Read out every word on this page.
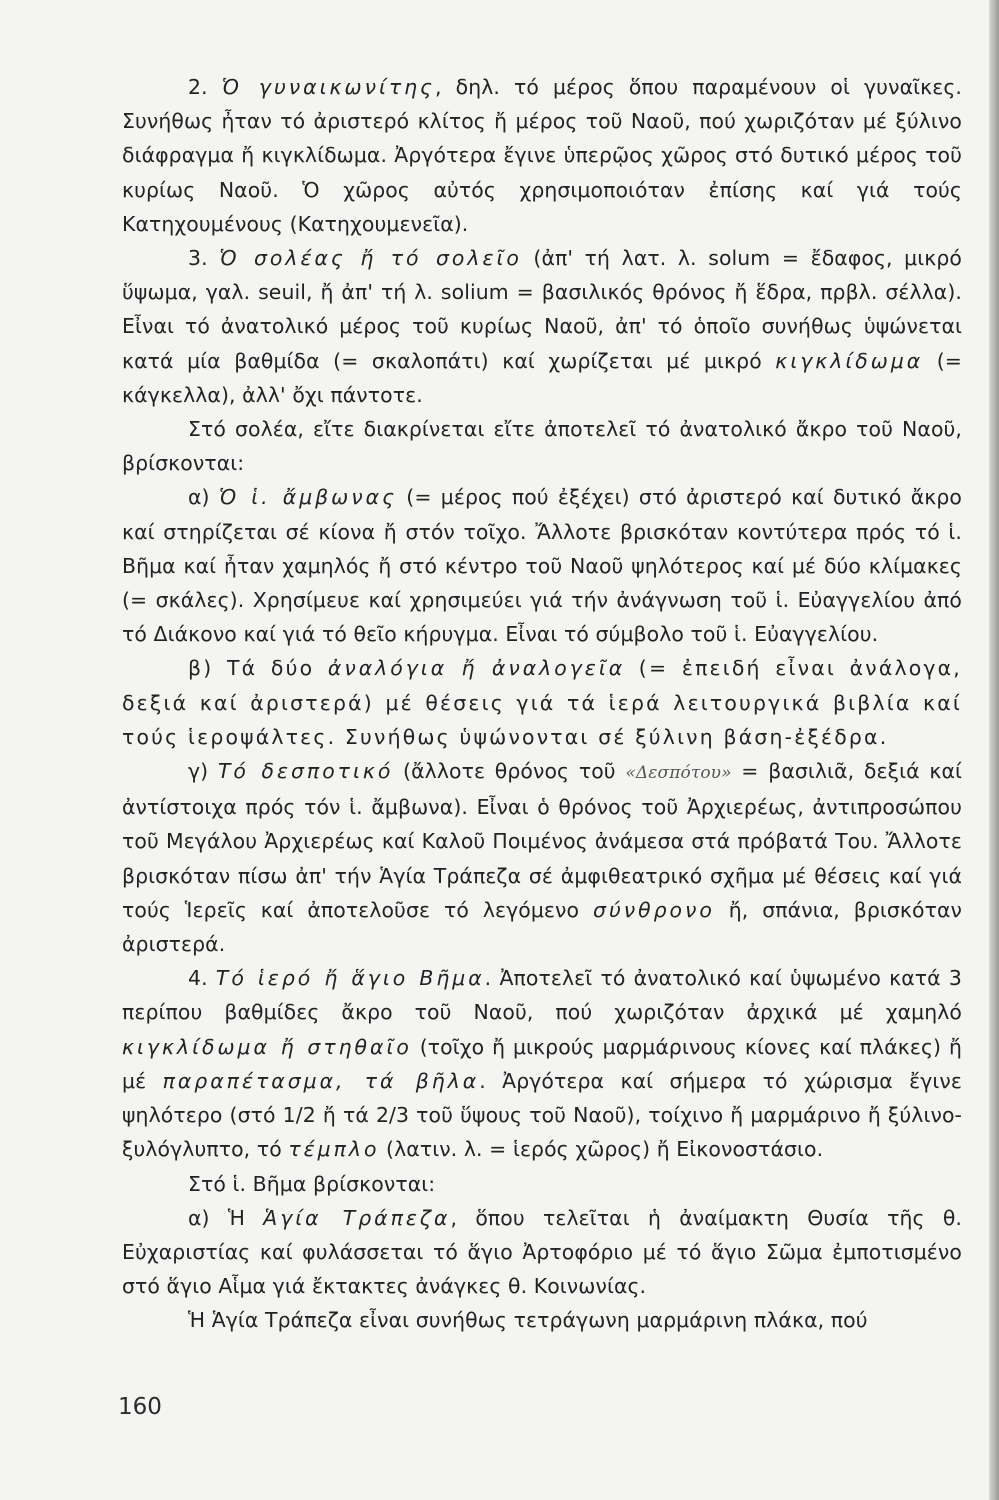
2. Ὁ γυναικωνίτης, δηλ. τό μέρος ὅπου παραμένουν οἱ γυναῖκες. Συνήθως ἦταν τό ἀριστερό κλίτος ἤ μέρος τοῦ Ναοῦ, πού χωριζόταν μέ ξύλινο διάφραγμα ἤ κιγκλίδωμα. Ἀργότερα ἔγινε ὑπερῷος χῶρος στό δυτικό μέρος τοῦ κυρίως Ναοῦ. Ὁ χῶρος αὐτός χρησιμοποιόταν ἐπίσης καί γιά τούς Κατηχουμένους (Κατηχουμενεῖα).

3. Ὁ σολέας ἤ τό σολεῖο (ἀπ' τή λατ. λ. solum = ἔδαφος, μικρό ὕψωμα, γαλ. seuil, ἤ ἀπ' τή λ. solium = βασιλικός θρόνος ἤ ἕδρα, πρβλ. σέλλα). Εἶναι τό ἀνατολικό μέρος τοῦ κυρίως Ναοῦ, ἀπ' τό ὁποῖο συνήθως ὑψώνεται κατά μία βαθμίδα (= σκαλοπάτι) καί χωρίζεται μέ μικρό κιγκλίδωμα (= κάγκελλα), ἀλλ' ὄχι πάντοτε.

Στό σολέα, εἴτε διακρίνεται εἴτε ἀποτελεῖ τό ἀνατολικό ἄκρο τοῦ Ναοῦ, βρίσκονται:

α) Ὁ ἱ. ἄμβωνας (= μέρος πού ἐξέχει) στό ἀριστερό καί δυτικό ἄκρο καί στηρίζεται σέ κίονα ἤ στόν τοῖχο. Ἄλλοτε βρισκόταν κοντύτερα πρός τό ἱ. Βῆμα καί ἦταν χαμηλός ἤ στό κέντρο τοῦ Ναοῦ ψηλότερος καί μέ δύο κλίμακες (= σκάλες). Χρησίμευε καί χρησιμεύει γιά τήν ἀνάγνωση τοῦ ἱ. Εὐαγγελίου ἀπό τό Διάκονο καί γιά τό θεῖο κήρυγμα. Εἶναι τό σύμβολο τοῦ ἱ. Εὐαγγελίου.

β) Τά δύο ἀναλόγια ἤ ἀναλογεῖα (= ἐπειδή εἶναι ἀνάλογα, δεξιά καί ἀριστερά) μέ θέσεις γιά τά ἱερά λειτουργικά βιβλία καί τούς ἱεροψάλτες. Συνήθως ὑψώνονται σέ ξύλινη βάση-ἐξέδρα.

γ) Τό δεσποτικό (ἄλλοτε θρόνος τοῦ «Δεσπότου» = βασιλιᾶ, δεξιά καί ἀντίστοιχα πρός τόν ἱ. ἄμβωνα). Εἶναι ὁ θρόνος τοῦ Ἀρχιερέως, ἀντιπροσώπου τοῦ Μεγάλου Ἀρχιερέως καί Καλοῦ Ποιμένος ἀνάμεσα στά πρόβατά Του. Ἄλλοτε βρισκόταν πίσω ἀπ' τήν Ἁγία Τράπεζα σέ ἀμφιθεατρικό σχῆμα μέ θέσεις καί γιά τούς Ἱερεῖς καί ἀποτελοῦσε τό λεγόμενο σύνθρονο ἤ, σπάνια, βρισκόταν ἀριστερά.

4. Τό ἱερό ἤ ἅγιο Βῆμα. Ἀποτελεῖ τό ἀνατολικό καί ὑψωμένο κατά 3 περίπου βαθμίδες ἄκρο τοῦ Ναοῦ, πού χωριζόταν ἀρχικά μέ χαμηλό κιγκλίδωμα ἤ στηθαῖο (τοῖχο ἤ μικρούς μαρμάρινους κίονες καί πλάκες) ἤ μέ παραπέτασμα, τά βῆλα. Ἀργότερα καί σήμερα τό χώρισμα ἔγινε ψηλότερο (στό 1/2 ἤ τά 2/3 τοῦ ὕψους τοῦ Ναοῦ), τοίχινο ἤ μαρμάρινο ἤ ξύλινο-ξυλόγλυπτο, τό τέμπλο (λατιν. λ. = ἱερός χῶρος) ἤ Εἰκονοστάσιο.

Στό ἱ. Βῆμα βρίσκονται:

α) Ἡ Ἁγία Τράπεζα, ὅπου τελεῖται ἡ ἀναίμακτη Θυσία τῆς θ. Εὐχαριστίας καί φυλάσσεται τό ἅγιο Ἀρτοφόριο μέ τό ἅγιο Σῶμα ἐμποτισμένο στό ἅγιο Αἷμα γιά ἔκτακτες ἀνάγκες θ. Κοινωνίας.

Ἡ Ἁγία Τράπεζα εἶναι συνήθως τετράγωνη μαρμάρινη πλάκα, πού

160
